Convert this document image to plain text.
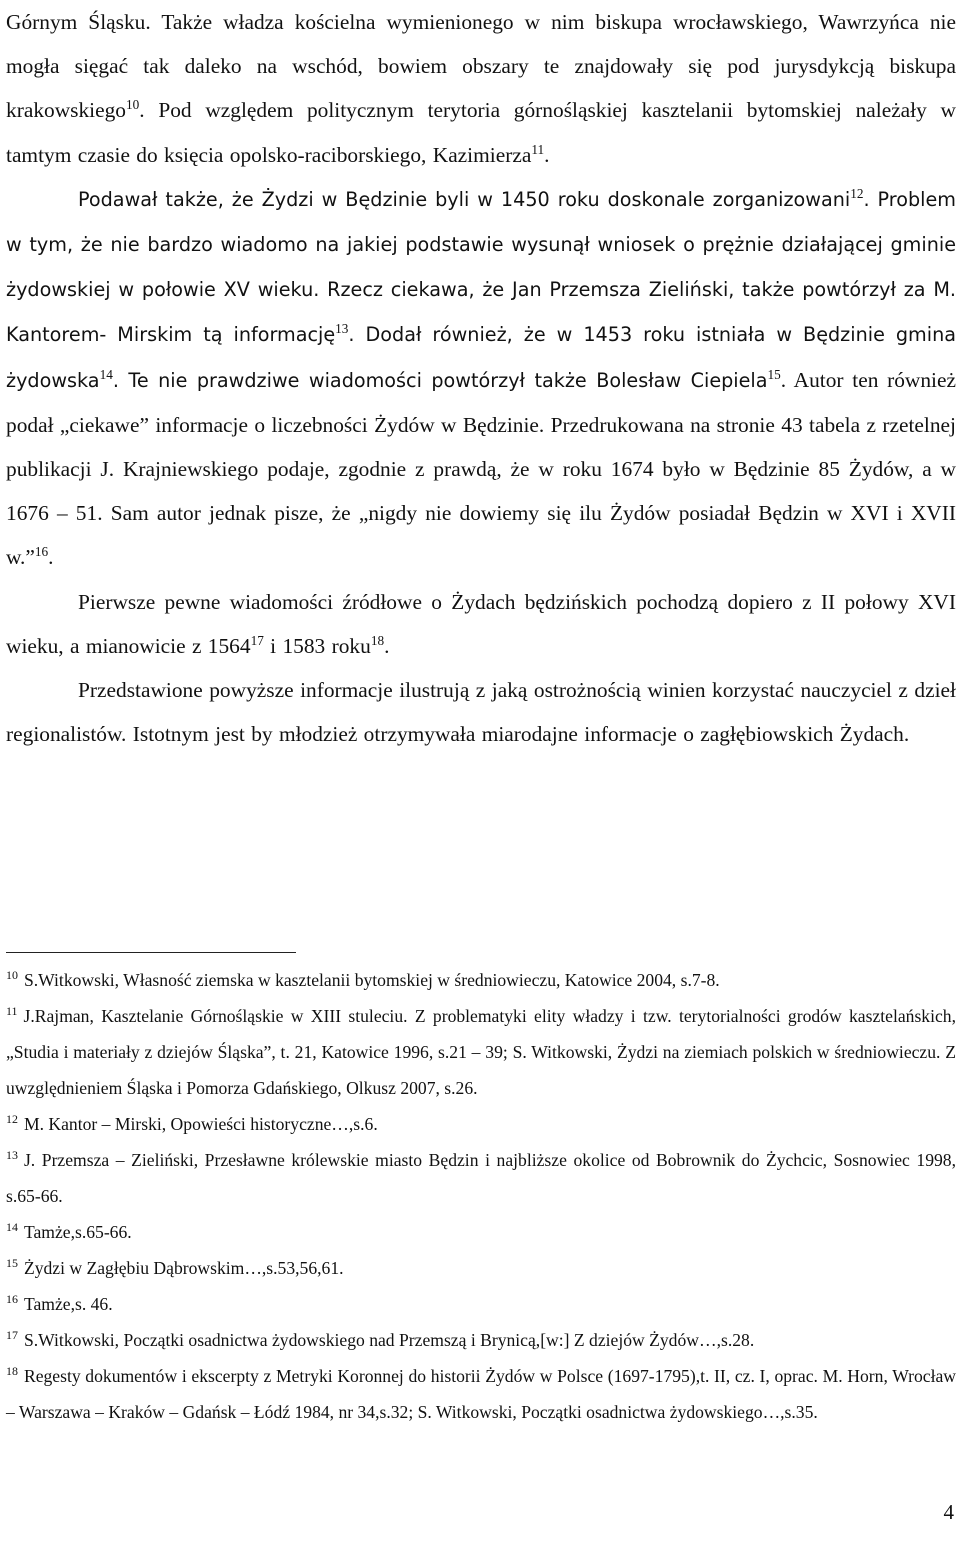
Górnym Śląsku. Także władza kościelna wymienionego w nim biskupa wrocławskiego, Wawrzyńca nie mogła sięgać tak daleko na wschód, bowiem obszary te znajdowały się pod jurysdykcją biskupa krakowskiego$^{10}$. Pod względem politycznym terytoria górnośląskiej kasztelanii bytomskiej należały w tamtym czasie do księcia opolsko-raciborskiego, Kazimierza$^{11}$.

Podawał także, że Żydzi w Będzinie byli w 1450 roku doskonale zorganizowani$^{12}$. Problem w tym, że nie bardzo wiadomo na jakiej podstawie wysunął wniosek o prężnie działającej gminie żydowskiej w połowie XV wieku. Rzecz ciekawa, że Jan Przemsza Zieliński, także powtórzył za M. Kantorem- Mirskim tą informację$^{13}$. Dodał również, że w 1453 roku istniała w Będzinie gmina żydowska$^{14}$. Te nie prawdziwe wiadomości powtórzył także Bolesław Ciepiela$^{15}$. Autor ten również podał „ciekawe” informacje o liczebności Żydów w Będzinie. Przedrukowana na stronie 43 tabela z rzetelnej publikacji J. Krajniewskiego podaje, zgodnie z prawdą, że w roku 1674 było w Będzinie 85 Żydów, a w 1676 – 51. Sam autor jednak pisze, że „nigdy nie dowiemy się ilu Żydów posiadał Będzin w XVI i XVII w.”$^{16}$.

Pierwsze pewne wiadomości źródłowe o Żydach będzińskich pochodzą dopiero z II połowy XVI wieku, a mianowicie z 1564$^{17}$ i 1583 roku$^{18}$.

Przedstawione powyższe informacje ilustrują z jaką ostrożnością winien korzystać nauczyciel z dzieł regionalistów. Istotnym jest by młodzież otrzymywała miarodajne informacje o zagłębiowskich Żydach.

$^{10}$ S.Witkowski, Własność ziemska w kasztelanii bytomskiej w średniowieczu, Katowice 2004, s.7-8.

$^{11}$ J.Rajman, Kasztelanie Górnośląskie w XIII stuleciu. Z problematyki elity władzy i tzw. terytorialności grodów kasztelańskich, „Studia i materiały z dziejów Śląska”, t. 21, Katowice 1996, s.21 – 39; S. Witkowski, Żydzi na ziemiach polskich w średniowieczu. Z uwzględnieniem Śląska i Pomorza Gdańskiego, Olkusz 2007, s.26.

$^{12}$ M. Kantor – Mirski, Opowieści historyczne…,s.6.

$^{13}$ J. Przemsza – Zieliński, Przesławne królewskie miasto Będzin i najbliższe okolice od Bobrownik do Żychcic, Sosnowiec 1998, s.65-66.

$^{14}$ Tamże,s.65-66.

$^{15}$ Żydzi w Zagłębiu Dąbrowskim…,s.53,56,61.

$^{16}$ Tamże,s. 46.

$^{17}$ S.Witkowski, Początki osadnictwa żydowskiego nad Przemszą i Brynicą,[w:] Z dziejów Żydów…,s.28.

$^{18}$ Regesty dokumentów i ekscerpty z Metryki Koronnej do historii Żydów w Polsce (1697-1795),t. II, cz. I, oprac. M. Horn, Wrocław – Warszawa – Kraków – Gdańsk – Łódź 1984, nr 34,s.32; S. Witkowski, Początki osadnictwa żydowskiego…,s.35.

4
